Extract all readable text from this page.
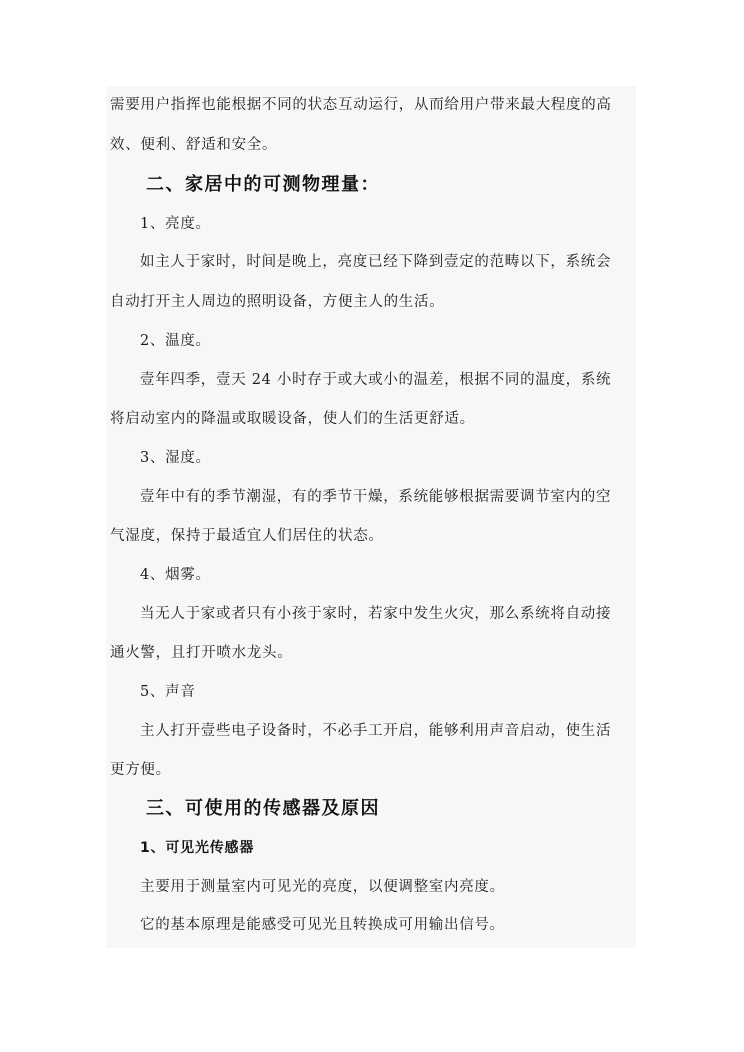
需要用户指挥也能根据不同的状态互动运行，从而给用户带来最大程度的高
效、便利、舒适和安全。
二、家居中的可测物理量：
1、亮度。
如主人于家时，时间是晚上，亮度已经下降到壹定的范畴以下，系统会
自动打开主人周边的照明设备，方便主人的生活。
2、温度。
壹年四季，壹天 24 小时存于或大或小的温差，根据不同的温度，系统
将启动室内的降温或取暖设备，使人们的生活更舒适。
3、湿度。
壹年中有的季节潮湿，有的季节干燥，系统能够根据需要调节室内的空
气湿度，保持于最适宜人们居住的状态。
4、烟雾。
当无人于家或者只有小孩于家时，若家中发生火灾，那么系统将自动接
通火警，且打开喷水龙头。
5、声音
主人打开壹些电子设备时，不必手工开启，能够利用声音启动，使生活
更方便。
三、可使用的传感器及原因
1、可见光传感器
主要用于测量室内可见光的亮度，以便调整室内亮度。
它的基本原理是能感受可见光且转换成可用输出信号。
